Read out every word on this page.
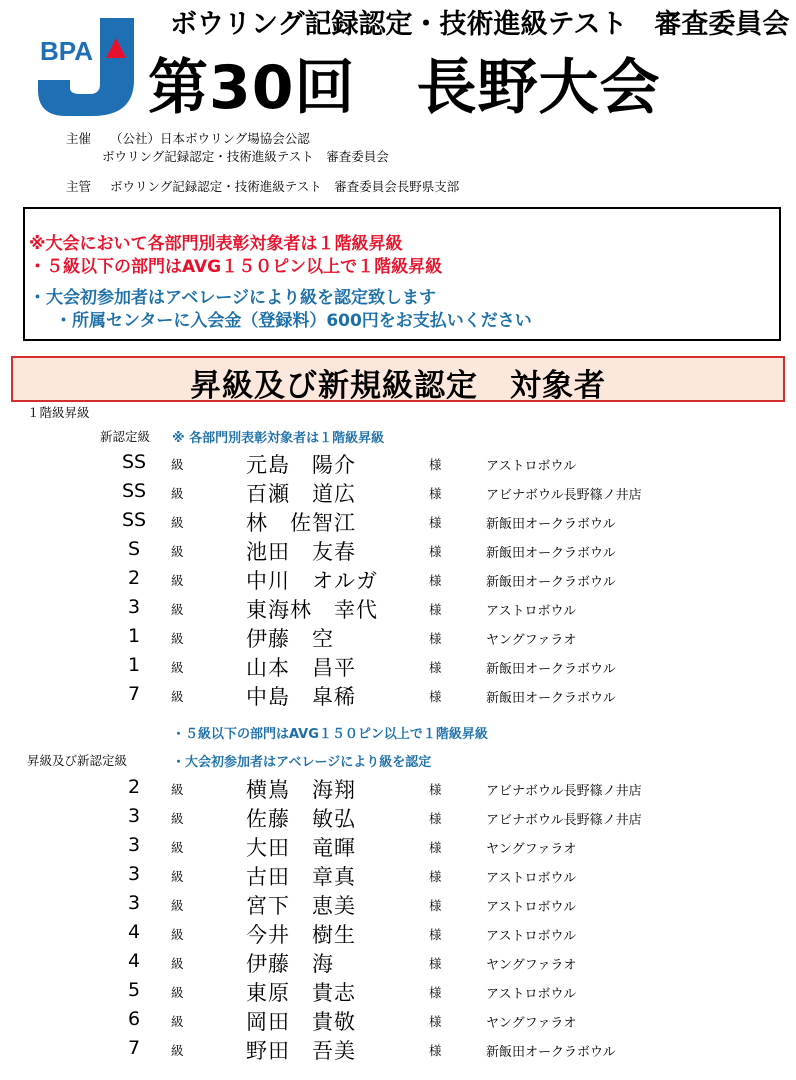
BPA
ボウリング記録認定・技術進級テスト　審査委員会
第30回　長野大会
主催 （公社）日本ボウリング場協会公認
ボウリング記録認定・技術進級テスト　審査委員会
主管 ボウリング記録認定・技術進級テスト　審査委員会長野県支部
※大会において各部門別表彰対象者は１階級昇級
・５級以下の部門はAVG１５０ピン以上で１階級昇級
・大会初参加者はアベレージにより級を認定致します
・所属センターに入会金（登録料）600円をお支払いください
昇級及び新規級認定　対象者
１階級昇級
新認定級 ※ 各部門別表彰対象者は１階級昇級
SS	級	元島　陽介	様	アストロボウル
SS	級	百瀬　道広	様	アビナボウル長野篠ノ井店
SS	級	林　佐智江	様	新飯田オークラボウル
S	級	池田　友春	様	新飯田オークラボウル
2	級	中川　オルガ	様	新飯田オークラボウル
3	級	東海林　幸代	様	アストロボウル
1	級	伊藤　空	様	ヤングファラオ
1	級	山本　昌平	様	新飯田オークラボウル
7	級	中島　皐稀	様	新飯田オークラボウル
・５級以下の部門はAVG１５０ピン以上で１階級昇級
昇級及び新認定級	・大会初参加者はアベレージにより級を認定
2	級	横嶌　海翔	様	アビナボウル長野篠ノ井店
3	級	佐藤　敏弘	様	アビナボウル長野篠ノ井店
3	級	大田　竜暉	様	ヤングファラオ
3	級	古田　章真	様	アストロボウル
3	級	宮下　恵美	様	アストロボウル
4	級	今井　樹生	様	アストロボウル
4	級	伊藤　海	様	ヤングファラオ
5	級	東原　貴志	様	アストロボウル
6	級	岡田　貴敬	様	ヤングファラオ
7	級	野田　吾美	様	新飯田オークラボウル
